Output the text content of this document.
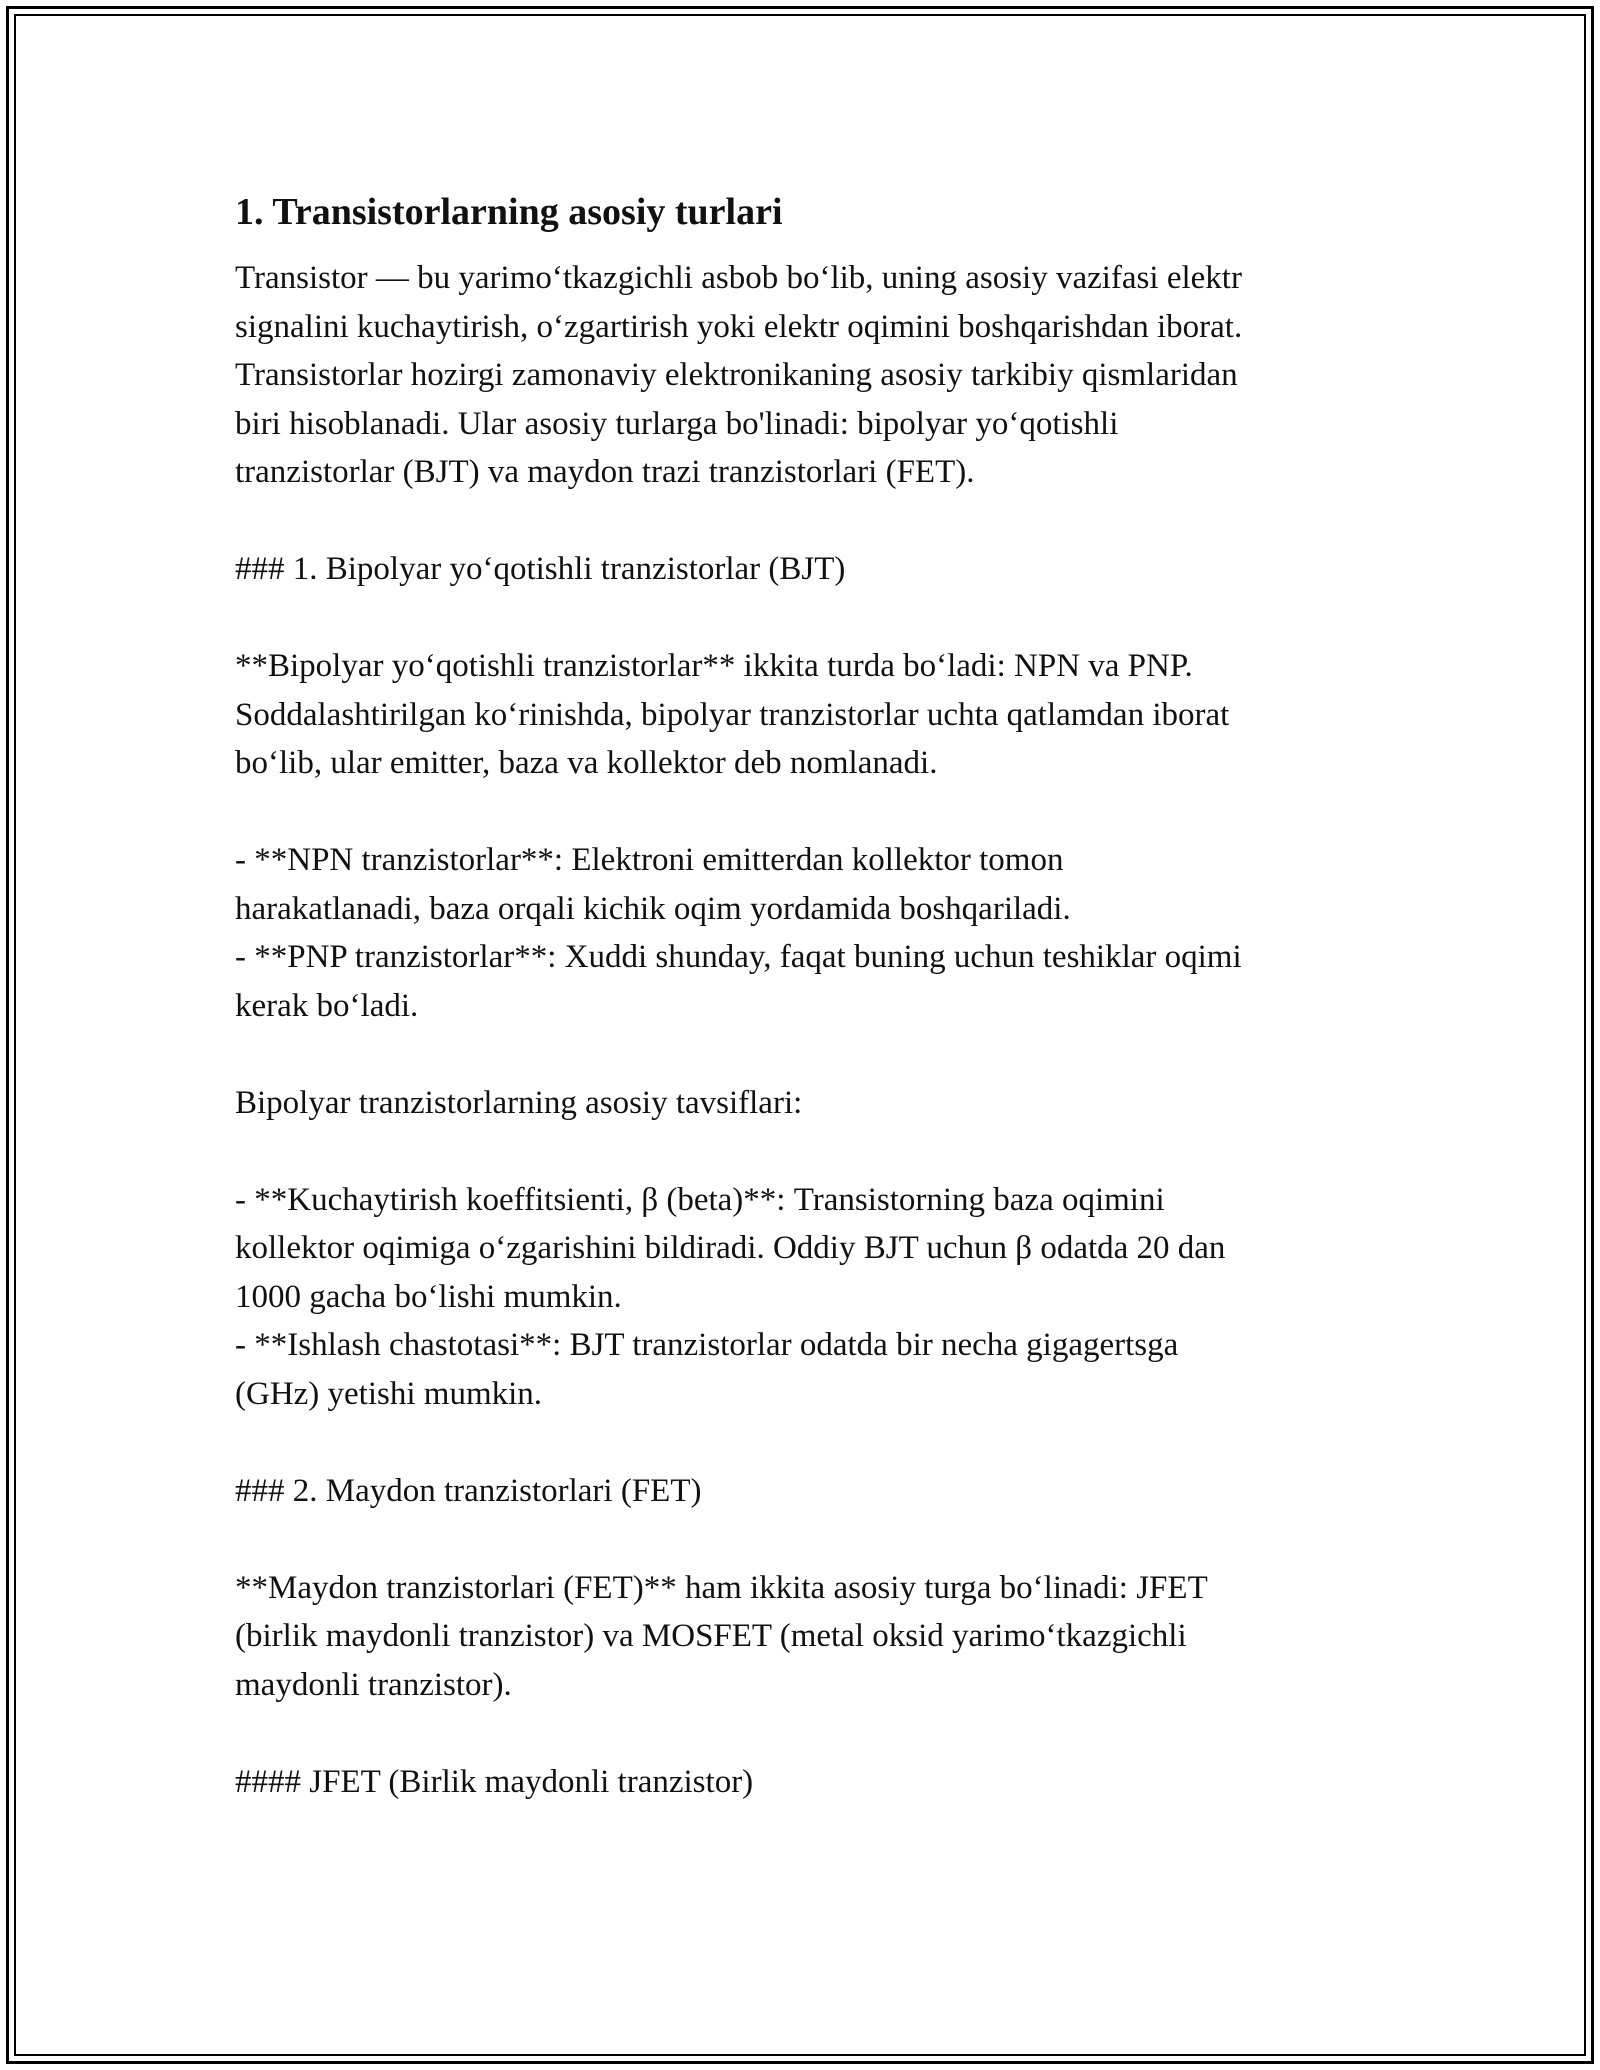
1. Transistorlarning asosiy turlari
Transistor — bu yarimo‘tkazgichli asbob bo‘lib, uning asosiy vazifasi elektr
signalini kuchaytirish, o‘zgartirish yoki elektr oqimini boshqarishdan iborat.
Transistorlar hozirgi zamonaviy elektronikaning asosiy tarkibiy qismlaridan
biri hisoblanadi. Ular asosiy turlarga bo'linadi: bipolyar yo‘qotishli
tranzistorlar (BJT) va maydon trazi tranzistorlari (FET).
### 1. Bipolyar yo‘qotishli tranzistorlar (BJT)
**Bipolyar yo‘qotishli tranzistorlar** ikkita turda bo‘ladi: NPN va PNP.
Soddalashtirilgan ko‘rinishda, bipolyar tranzistorlar uchta qatlamdan iborat
bo‘lib, ular emitter, baza va kollektor deb nomlanadi.
- **NPN tranzistorlar**: Elektroni emitterdan kollektor tomon
harakatlanadi, baza orqali kichik oqim yordamida boshqariladi.
- **PNP tranzistorlar**: Xuddi shunday, faqat buning uchun teshiklar oqimi
kerak bo‘ladi.
Bipolyar tranzistorlarning asosiy tavsiflari:
- **Kuchaytirish koeffitsienti, β (beta)**: Transistorning baza oqimini
kollektor oqimiga o‘zgarishini bildiradi. Oddiy BJT uchun β odatda 20 dan
1000 gacha bo‘lishi mumkin.
- **Ishlash chastotasi**: BJT tranzistorlar odatda bir necha gigagertsga
(GHz) yetishi mumkin.
### 2. Maydon tranzistorlari (FET)
**Maydon tranzistorlari (FET)** ham ikkita asosiy turga bo‘linadi: JFET
(birlik maydonli tranzistor) va MOSFET (metal oksid yarimo‘tkazgichli
maydonli tranzistor).
#### JFET (Birlik maydonli tranzistor)
